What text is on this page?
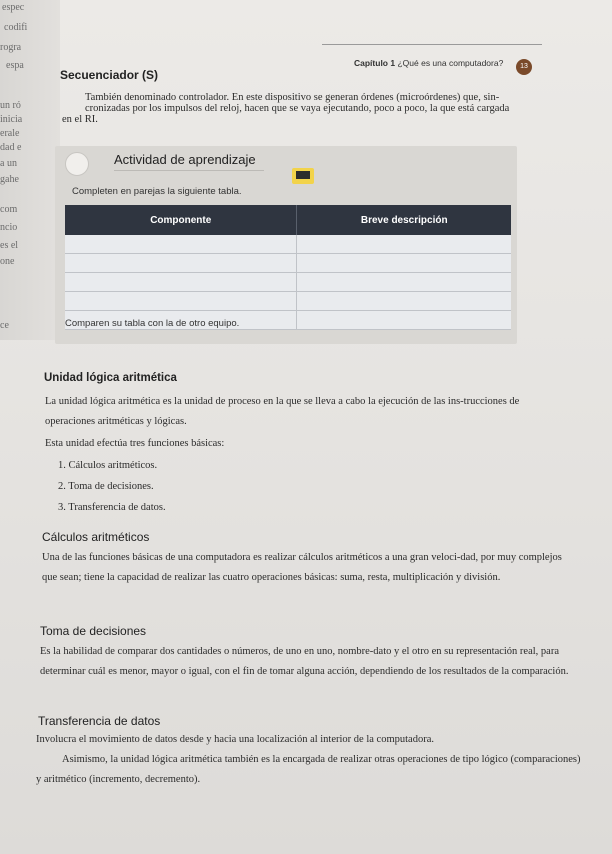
espec
codifi
rogra
espa
un ró
inicia
erale
dad e
a un
gahe
com
ncio
es el
one
ce
Capítulo 1 ¿Qué es una computadora?	13
Secuenciador (S)
También denominado controlador. En este dispositivo se generan órdenes (microórdenes) que, sin-cronizadas por los impulsos del reloj, hacen que se vaya ejecutando, poco a poco, la que está cargada
en el RI.
Actividad de aprendizaje
Completen en parejas la siguiente tabla.
Componente	Breve descripción
Comparen su tabla con la de otro equipo.
Unidad lógica aritmética
La unidad lógica aritmética es la unidad de proceso en la que se lleva a cabo la ejecución de las ins-trucciones de operaciones aritméticas y lógicas.
Esta unidad efectúa tres funciones básicas:
1. Cálculos aritméticos.
2. Toma de decisiones.
3. Transferencia de datos.
Cálculos aritméticos
Una de las funciones básicas de una computadora es realizar cálculos aritméticos a una gran veloci-dad, por muy complejos que sean; tiene la capacidad de realizar las cuatro operaciones básicas: suma, resta, multiplicación y división.
Toma de decisiones
Es la habilidad de comparar dos cantidades o números, de uno en uno, nombre-dato y el otro en su representación real, para determinar cuál es menor, mayor o igual, con el fin de tomar alguna acción, dependiendo de los resultados de la comparación.
Transferencia de datos
Involucra el movimiento de datos desde y hacia una localización al interior de la computadora.
Asimismo, la unidad lógica aritmética también es la encargada de realizar otras operaciones de tipo lógico (comparaciones) y aritmético (incremento, decremento).
